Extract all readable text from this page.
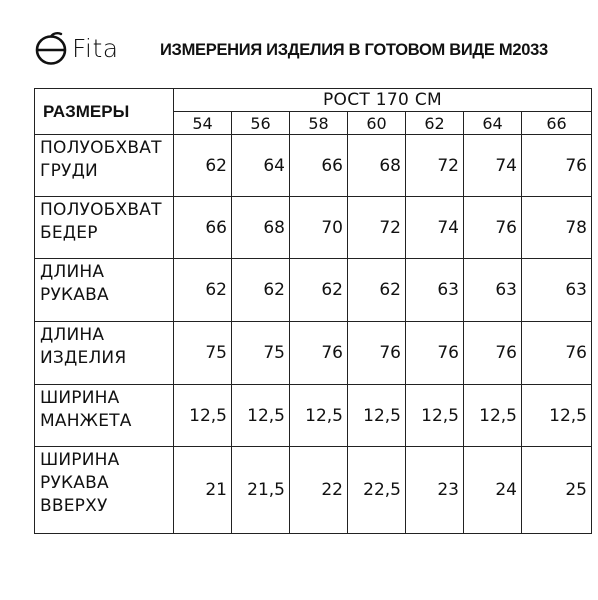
Fita	ИЗМЕРЕНИЯ ИЗДЕЛИЯ В ГОТОВОМ ВИДЕ М2033
РАЗМЕРЫ	РОСТ 170 СМ						
	54	56	58	60	62	64	66

ПОЛУОБХВАТ
ГРУДИ	62	64	66	68	72	74	76

ПОЛУОБХВАТ
БЕДЕР	66	68	70	72	74	76	78

ДЛИНА
РУКАВА	62	62	62	62	63	63	63

ДЛИНА
ИЗДЕЛИЯ	75	75	76	76	76	76	76

ШИРИНА
МАНЖЕТА	12,5	12,5	12,5	12,5	12,5	12,5	12,5

ШИРИНА
РУКАВА
ВВЕРХУ	21	21,5	22	22,5	23	24	25
